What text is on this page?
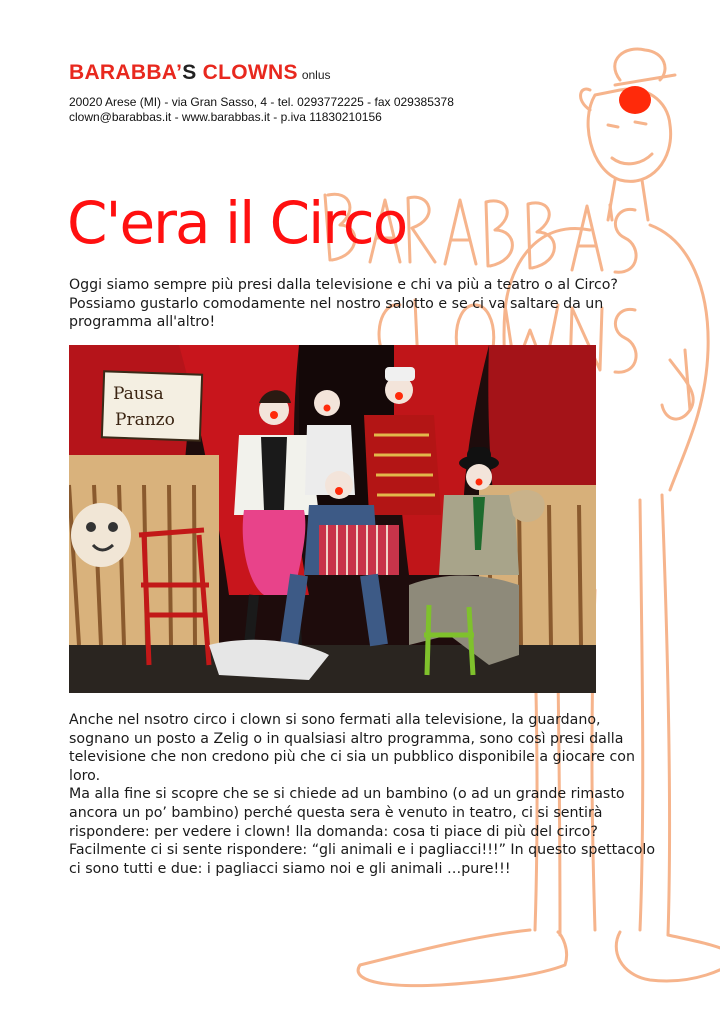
BARABBA’S CLOWNS onlus
20020 Arese (MI) - via Gran Sasso, 4 - tel. 0293772225 - fax 029385378
clown@barabbas.it - www.barabbas.it - p.iva 11830210156
C'era il Circo

Oggi siamo sempre più presi dalla televisione e chi va più a teatro o al Circo? Possiamo gustarlo comodamente nel nostro salotto e se ci va saltare da un programma all'altro!

Pausa
Pranzo

Anche nel nsotro circo i clown si sono fermati alla televisione, la guardano, sognano un posto a Zelig o in qualsiasi altro programma, sono così presi dalla televisione che non credono più che ci sia un pubblico disponibile a giocare con loro.

Ma alla fine si scopre che se si chiede ad un bambino (o ad un grande rimasto ancora un po’ bambino) perché questa sera è venuto in teatro, ci si sentirà rispondere: per vedere i clown! lla domanda: cosa ti piace di più del circo? Facilmente ci si sente rispondere: “gli animali e i pagliacci!!!” In questo spettacolo ci sono tutti e due: i pagliacci siamo noi e gli animali …pure!!!
